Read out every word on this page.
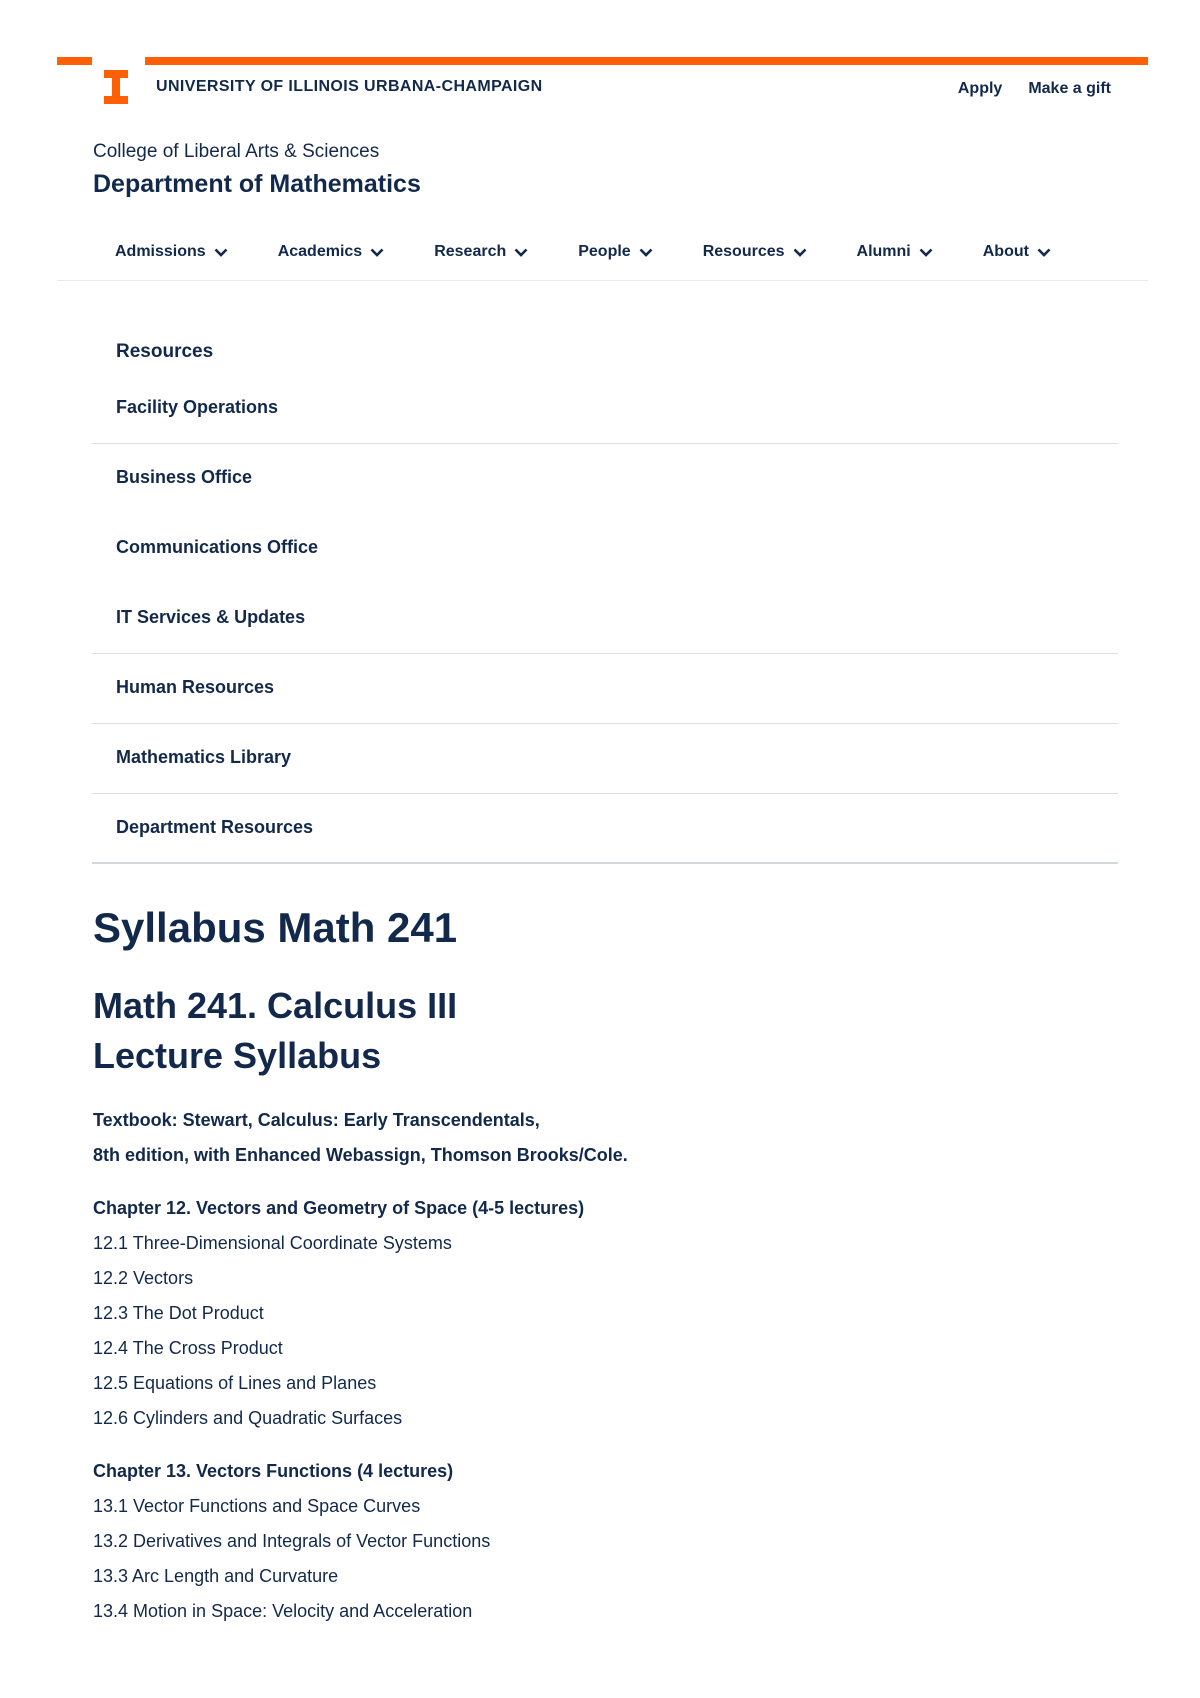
UNIVERSITY OF ILLINOIS URBANA-CHAMPAIGN	Apply Make a gift
College of Liberal Arts & Sciences
Department of Mathematics
Admissions	Academics	Research	People	Resources	Alumni	About
Resources
Facility Operations
Business Office
Communications Office
IT Services & Updates
Human Resources
Mathematics Library
Department Resources
Syllabus Math 241
Math 241. Calculus III
Lecture Syllabus
Textbook: Stewart, Calculus: Early Transcendentals,
8th edition, with Enhanced Webassign, Thomson Brooks/Cole.
Chapter 12. Vectors and Geometry of Space (4-5 lectures)
12.1 Three-Dimensional Coordinate Systems
12.2 Vectors
12.3 The Dot Product
12.4 The Cross Product
12.5 Equations of Lines and Planes
12.6 Cylinders and Quadratic Surfaces
Chapter 13. Vectors Functions (4 lectures)
13.1 Vector Functions and Space Curves
13.2 Derivatives and Integrals of Vector Functions
13.3 Arc Length and Curvature
13.4 Motion in Space: Velocity and Acceleration
